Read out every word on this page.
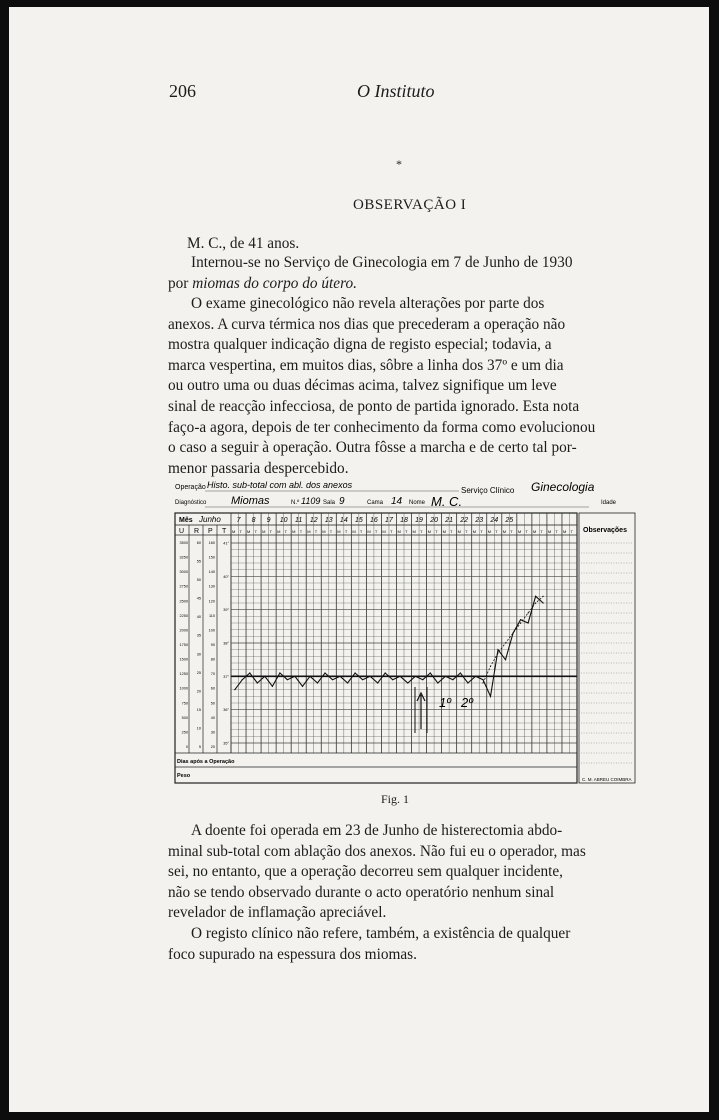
206	O Instituto
*
OBSERVAÇÃO I
M. C., de 41 anos.
Internou-se no Serviço de Ginecologia em 7 de Junho de 1930
por miomas do corpo do útero.
O exame ginecológico não revela alterações por parte dos
anexos. A curva térmica nos dias que precederam a operação não
mostra qualquer indicação digna de registo especial; todavia, a
marca vespertina, em muitos dias, sôbre a linha dos 37º e um dia
ou outro uma ou duas décimas acima, talvez signifique um leve
sinal de reacção infecciosa, de ponto de partida ignorado. Esta nota
faço-a agora, depois de ter conhecimento da forma como evolucionou
o caso a seguir à operação. Outra fôsse a marcha e de certo tal por-
menor passaria despercebido.
Operação Histo. sub-total com abl. dos anexos
Diagnóstico Miomas	N.º 1109 Sala 9	Cama 14 Nome M. C.
Serviço Clínico Ginecologia
Idade
Observações
C. M. ABREU COIMBRA
Mês Junho
U R P T M T M T M T M T M T M T M T M T M T M T M T M T M T M T M T M T M T M T M T M T M T M T M T
3500
3250
3000
2750
2500
2250
2000
1750
1500
1250
1000
750
500
250
0
60
55
50
45
40
35
30
25
20
15
10
5
160
150
140
130
120
110
100
90
80
70
60
50
40
30
20
41°
40°
39°
38°
37°
36°
35°
7 8 9 10 11 12 13 14 15 16 17 18 19 20 21 22 23 24 25
Dias após a Operação
Peso
1º 2º
Fig. 1
A doente foi operada em 23 de Junho de histerectomia abdo-
minal sub-total com ablação dos anexos. Não fui eu o operador, mas
sei, no entanto, que a operação decorreu sem qualquer incidente,
não se tendo observado durante o acto operatório nenhum sinal
revelador de inflamação apreciável.
O registo clínico não refere, também, a existência de qualquer
foco supurado na espessura dos miomas.
